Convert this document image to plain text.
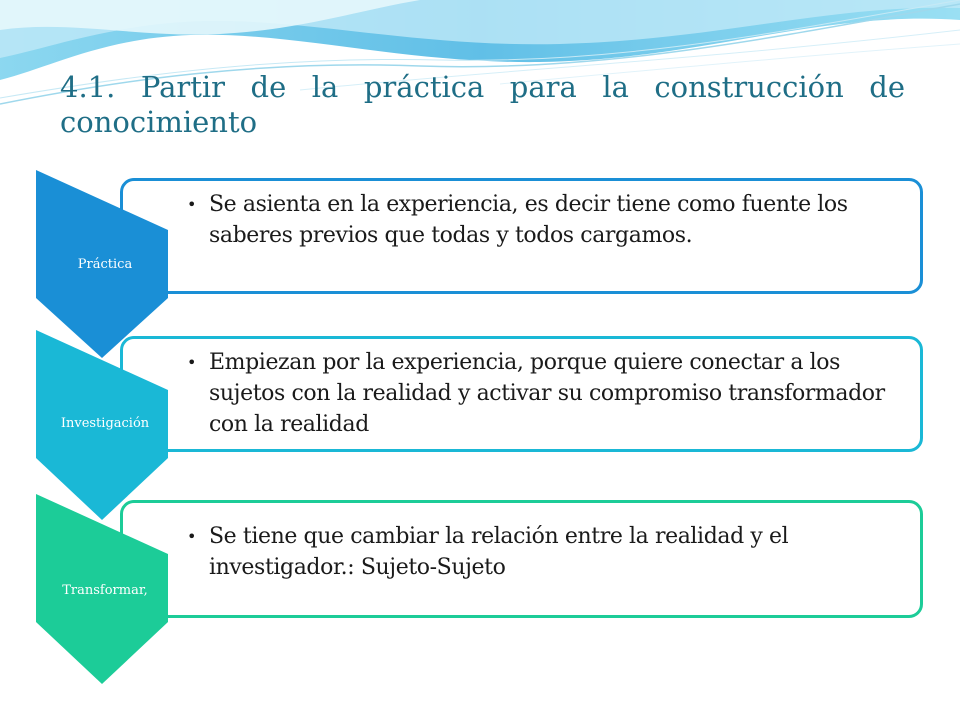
4.1. Partir de la práctica para la construcción de conocimiento
Práctica
• Se asienta en la experiencia, es decir tiene como fuente los saberes previos que todas y todos cargamos.
Investigación
• Empiezan por la experiencia, porque quiere conectar a los sujetos con la realidad y activar su compromiso transformador con la realidad
Transformar,
• Se tiene que cambiar la relación entre la realidad y el investigador.: Sujeto-Sujeto
